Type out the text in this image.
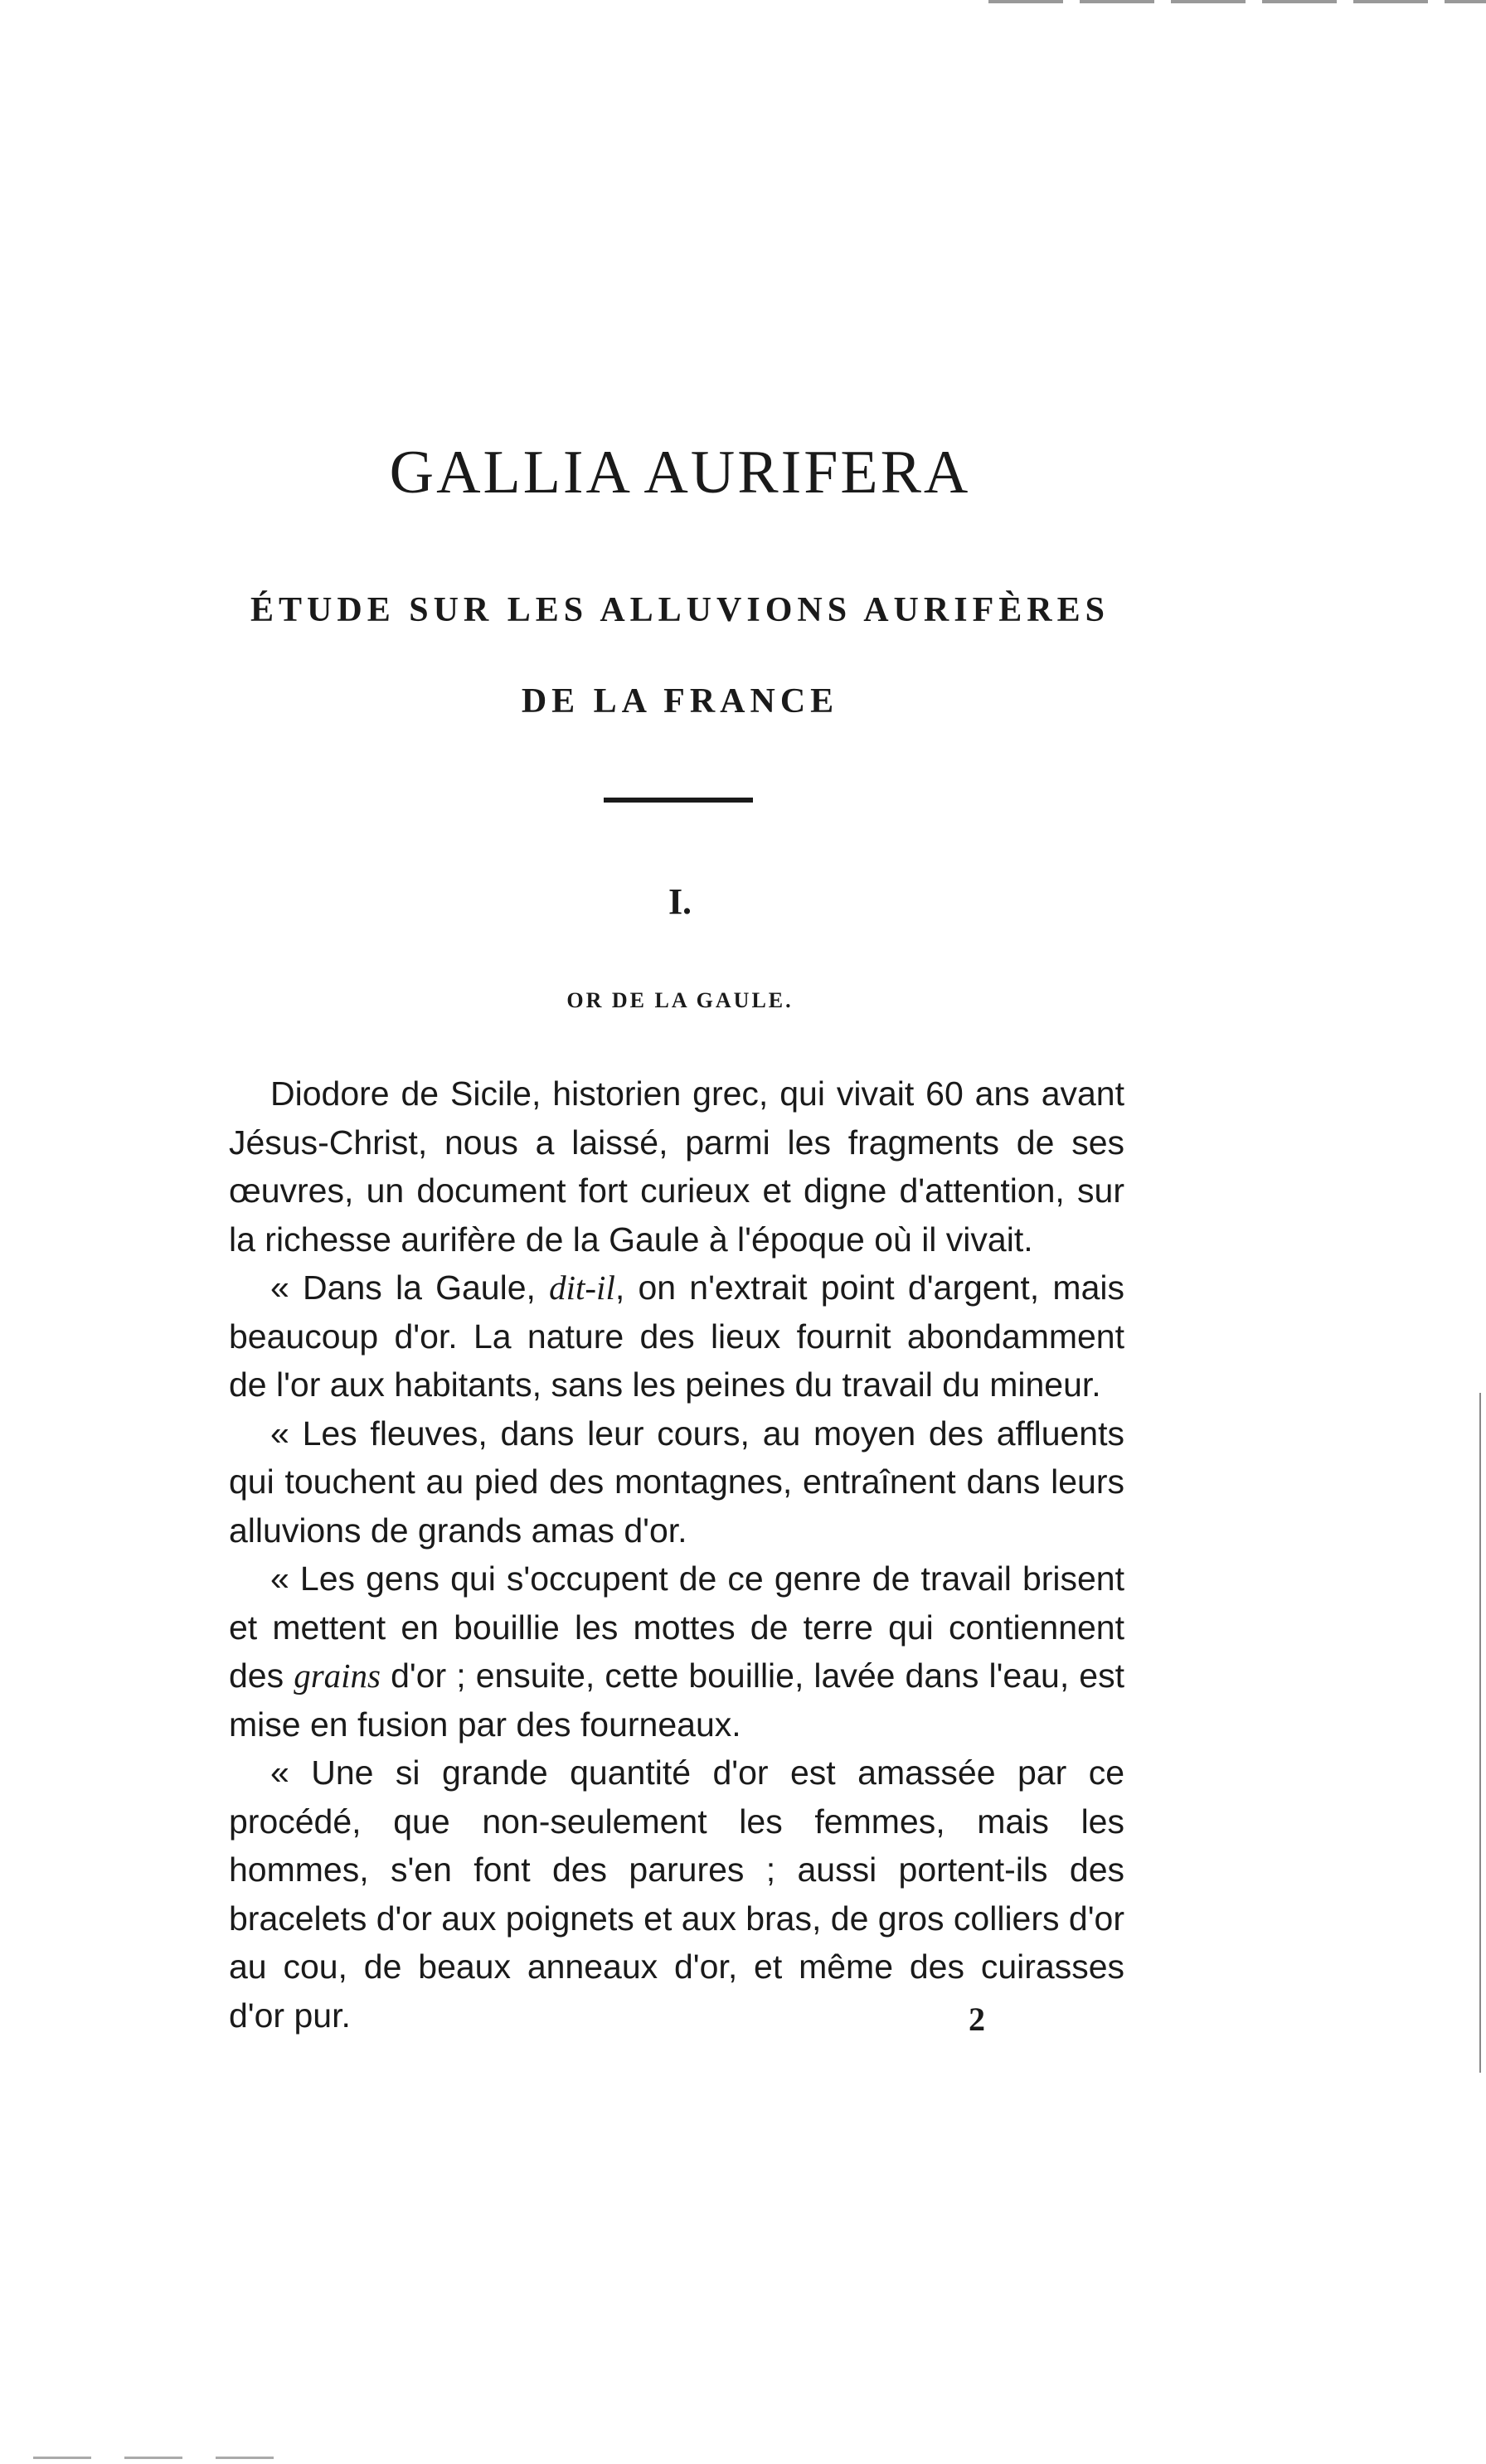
GALLIA AURIFERA
ÉTUDE SUR LES ALLUVIONS AURIFÈRES
DE LA FRANCE
I.
OR DE LA GAULE.

Diodore de Sicile, historien grec, qui vivait 60 ans avant Jésus-Christ, nous a laissé, parmi les fragments de ses œuvres, un document fort curieux et digne d'attention, sur la richesse aurifère de la Gaule à l'époque où il vivait.

« Dans la Gaule, dit-il, on n'extrait point d'argent, mais beaucoup d'or. La nature des lieux fournit abondamment de l'or aux habitants, sans les peines du travail du mineur.

« Les fleuves, dans leur cours, au moyen des affluents qui touchent au pied des montagnes, entraînent dans leurs alluvions de grands amas d'or.

« Les gens qui s'occupent de ce genre de travail brisent et mettent en bouillie les mottes de terre qui contiennent des grains d'or ; ensuite, cette bouillie, lavée dans l'eau, est mise en fusion par des fourneaux.

« Une si grande quantité d'or est amassée par ce procédé, que non-seulement les femmes, mais les hommes, s'en font des parures ; aussi portent-ils des bracelets d'or aux poignets et aux bras, de gros colliers d'or au cou, de beaux anneaux d'or, et même des cuirasses d'or pur.	2
